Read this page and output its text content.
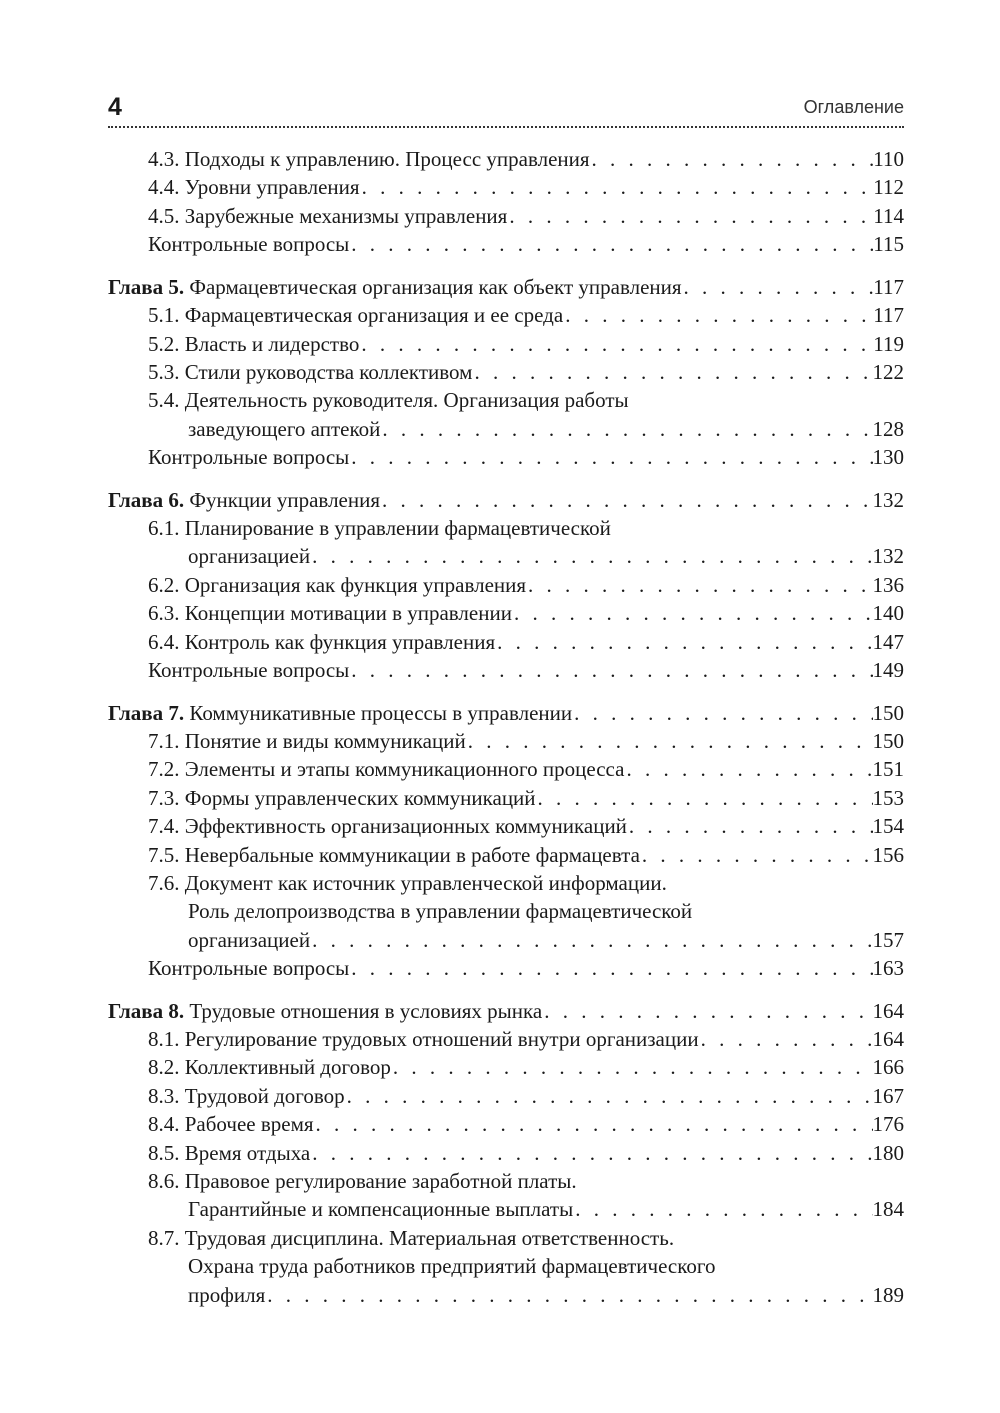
4	Оглавление
4.3. Подходы к управлению. Процесс управления . . .	110
4.4. Уровни управления . . .	112
4.5. Зарубежные механизмы управления . . .	114
Контрольные вопросы . . .	115
Глава 5. Фармацевтическая организация как объект управления . . .	117
5.1. Фармацевтическая организация и ее среда . . .	117
5.2. Власть и лидерство . . .	119
5.3. Стили руководства коллективом . . .	122
5.4. Деятельность руководителя. Организация работы
заведующего аптекой . . .	128
Контрольные вопросы . . .	130
Глава 6. Функции управления . . .	132
6.1. Планирование в управлении фармацевтической
организацией . . .	132
6.2. Организация как функция управления . . .	136
6.3. Концепции мотивации в управлении . . .	140
6.4. Контроль как функция управления . . .	147
Контрольные вопросы . . .	149
Глава 7. Коммуникативные процессы в управлении . . .	150
7.1. Понятие и виды коммуникаций . . .	150
7.2. Элементы и этапы коммуникационного процесса . . .	151
7.3. Формы управленческих коммуникаций . . .	153
7.4. Эффективность организационных коммуникаций . . .	154
7.5. Невербальные коммуникации в работе фармацевта . . .	156
7.6. Документ как источник управленческой информации.
Роль делопроизводства в управлении фармацевтической
организацией . . .	157
Контрольные вопросы . . .	163
Глава 8. Трудовые отношения в условиях рынка . . .	164
8.1. Регулирование трудовых отношений внутри организации . . .	164
8.2. Коллективный договор . . .	166
8.3. Трудовой договор . . .	167
8.4. Рабочее время . . .	176
8.5. Время отдыха . . .	180
8.6. Правовое регулирование заработной платы.
Гарантийные и компенсационные выплаты . . .	184
8.7. Трудовая дисциплина. Материальная ответственность.
Охрана труда работников предприятий фармацевтического
профиля . . .	189
